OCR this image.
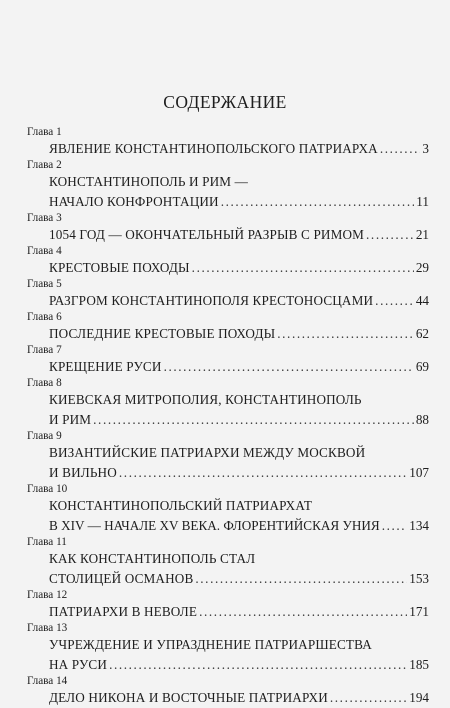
СОДЕРЖАНИЕ
Глава 1
ЯВЛЕНИЕ КОНСТАНТИНОПОЛЬСКОГО ПАТРИАРХА .....	3
Глава 2
КОНСТАНТИНОПОЛЬ И РИМ —
НАЧАЛО КОНФРОНТАЦИИ .....	11
Глава 3
1054 ГОД — ОКОНЧАТЕЛЬНЫЙ РАЗРЫВ С РИМОМ .....	21
Глава 4
КРЕСТОВЫЕ ПОХОДЫ .....	29
Глава 5
РАЗГРОМ КОНСТАНТИНОПОЛЯ КРЕСТОНОСЦАМИ .....	44
Глава 6
ПОСЛЕДНИЕ КРЕСТОВЫЕ ПОХОДЫ .....	62
Глава 7
КРЕЩЕНИЕ РУСИ .....	69
Глава 8
КИЕВСКАЯ МИТРОПОЛИЯ, КОНСТАНТИНОПОЛЬ
И РИМ .....	88
Глава 9
ВИЗАНТИЙСКИЕ ПАТРИАРХИ МЕЖДУ МОСКВОЙ
И ВИЛЬНО .....	107
Глава 10
КОНСТАНТИНОПОЛЬСКИЙ ПАТРИАРХАТ
В XIV — НАЧАЛЕ XV ВЕКА. ФЛОРЕНТИЙСКАЯ УНИЯ ..... 134
Глава 11
КАК КОНСТАНТИНОПОЛЬ СТАЛ
СТОЛИЦЕЙ ОСМАНОВ .....	153
Глава 12
ПАТРИАРХИ В НЕВОЛЕ .....	171
Глава 13
УЧРЕЖДЕНИЕ И УПРАЗДНЕНИЕ ПАТРИАРШЕСТВА
НА РУСИ .....	185
Глава 14
ДЕЛО НИКОНА И ВОСТОЧНЫЕ ПАТРИАРХИ .....	194
